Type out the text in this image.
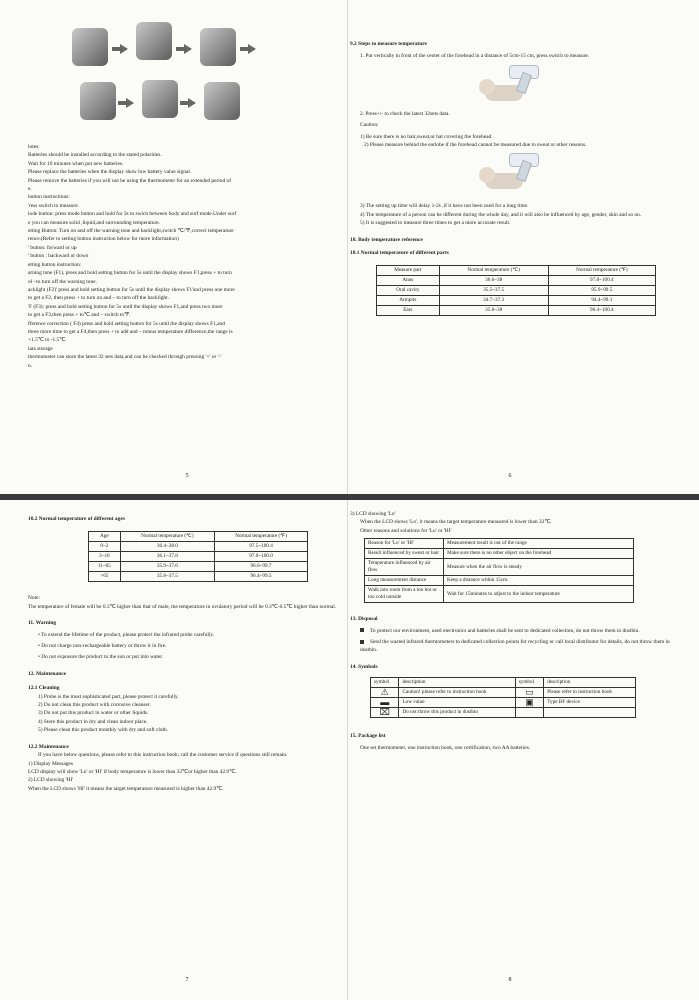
lotes:

Batteries should be installed according to the stated polarities.

Wait for 10 minutes when put new batteries.

Please replace the batteries when the display show low battery value signal.

Please remove the batteries if you will not be using the thermometer for an extended period of

e.

button instructions:

'ress switch to measure.

lode button: press mode button and hold for 3s to swich between body and surf mode.Under surf

e you can measure solid ,liquid,and surrounding temperature.

etting Button: Turn on and off the warning tone and backlight,switch ℃/℉,correct temperature

rence.(Refer to setting button instruction below for more information)

' button: forward or up

' button : backward or down

etting button instruction:

arning tone (F1), press and hold setting button for 5s until the display shows F1,press + to turn

ol –to turn off the warning tone.

acklight (F2)' press and hold setting button for 5s until the display shows F1'and press one more

to get a F2, then press + to turn on and – to turn off the backlight.

'F (F3): press and hold setting button for 5s until the display shows F1,and press two more

to get a F3,then press + to℃ and – switch to℉.

fference correction ( F4) press and hold setting button for 5s until the display shows F1,and

three more time to get a F4,then press + to add and – minus temperature difference,the range is

+1.5℃ to -1.5℃.

lata storage

thermometer can store the latest 32 sets data,and can be checked through pressing '+' or '-'

n.

5

9.2 Steps to measure temperature

1. Put vertically in front of the center of the forehead in a distance of 5cm-15 cm, press switch to measure.

2. Press+/- to check the latest 32sets data.

Caution:

1) Be sure there is no hair,sweat,or hat covering the forehead.

2) Please measure behind the earlobe if the forehead cannot be measured due to sweat or other reasons.

3) The setting up time will delay 1-2s ,if it have not been used for a long time.

4) The temperature of a person can be different during the whole day, and it will also be influenced by age, gender, skin and so on.

5) It is suggested to measure three times to get a more accurate result.

10. Body temperature reference

10.1 Normal temperature of different parts

Measure part	Normal temperature (℃)	Normal temperature (℉)
Anus	36.6~38	97.8~100.4
Oral cavity	35.5~37.5	95.9~99.5
Armpits	34.7~37.3	94.4~99.1
Ears	35.8~38	96.4~100.4
6

10.2 Normal temperature of different ages

Age	Normal temperature (℃)	Normal temperature (℉)
0~2	36.4~38.0	97.5~100.4
3~10	36.1~37.8	97.0~100.0
11~65	35.9~37.6	96.6~99.7
>65	35.8~37.5	96.4~99.5

Note:

The temperature of female will be 0.3℃ higher than that of male, the temperature in ovulatory period will be 0.3℃-0.5℃ higher than normal.

11. Warning

• To extend the lifetime of the product, please protect the infrared probe carefully.

• Do not charge non-rechargeable battery or throw it in fire.

• Do not exposure the product to the sun or put into water.

12. Maintenance

12.1 Cleaning

1) Probe is the most sophisticated part, please protect it carefully.

2) Do not clean this product with corrosive cleanser.

3) Do not put this product in water or other liquids.

4) Store this product in dry and clean indoor place.

5) Please clean this product monthly with dry and soft cloth.

12.2 Maintenance

If you have below questions, please refer to this instruction book; call the customer service if questions still remain.

1) Display Messages

LCD display will show 'Lo' or 'HI' if body temperature is lower than 32℃or higher than 42.9℃.

2) LCD showing 'HI'

When the LCD shows 'HI' it means the target temperature measured is higher than 42.9℃.

7

3) LCD showing 'Lo'

When the LCD shows 'Lo', it means the target temperature measured is lower than 32℃.

Other reasons and solutions for 'Lo' or 'HI'

Reason for 'Lo' or 'HI'	Measurement result is out of the range
Result influenced by sweat or hair	Make sure there is no other object on the forehead
Temperature influenced by air flow	Measure when the air flow is steady
Long measurement distance	Keep a distance within 15cm.
Walk into room from a too hot or too cold outside	Wait for 15minutes to adjust to the indoor temperature

13. Disposal

To protect our environment, used electronics and batteries shall be sent to dedicated collection, do not throw them in dustbin.

Send the wasted infrared thermometers to dedicated collection points for recycling or call local distributor for details, do not throw them in dustbin.

14. Symbols

symbol	description	symbol	description
⚠	Caution! please refer to instruction book	▭	Please refer to instruction book
▬	Low value	▣	Type BF device
⌧	Do not throw this product in dustbin		

15. Package list

One set thermometer, one instruction book, one certification, two AA batteries.

8
